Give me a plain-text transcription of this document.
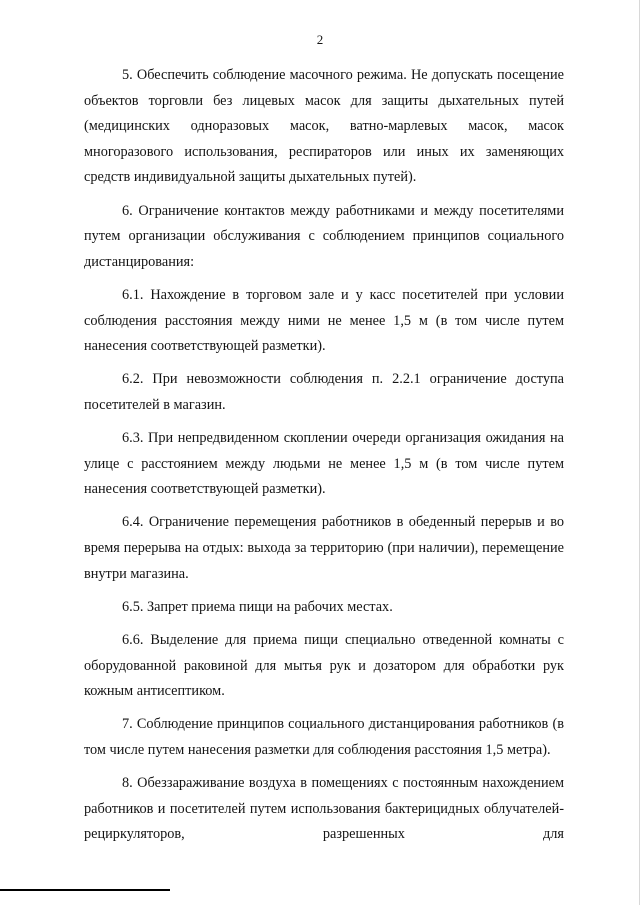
2

5. Обеспечить соблюдение масочного режима. Не допускать посещение объектов торговли без лицевых масок для защиты дыхательных путей (медицинских одноразовых масок, ватно-марлевых масок, масок многоразового использования, респираторов или иных их заменяющих средств индивидуальной защиты дыхательных путей).

6. Ограничение контактов между работниками и между посетителями путем организации обслуживания с соблюдением принципов социального дистанцирования:

6.1. Нахождение в торговом зале и у касс посетителей при условии соблюдения расстояния между ними не менее 1,5 м (в том числе путем нанесения соответствующей разметки).

6.2. При невозможности соблюдения п. 2.2.1 ограничение доступа посетителей в магазин.

6.3. При непредвиденном скоплении очереди организация ожидания на улице с расстоянием между людьми не менее 1,5 м (в том числе путем нанесения соответствующей разметки).

6.4. Ограничение перемещения работников в обеденный перерыв и во время перерыва на отдых: выхода за территорию (при наличии), перемещение внутри магазина.

6.5. Запрет приема пищи на рабочих местах.

6.6. Выделение для приема пищи специально отведенной комнаты с оборудованной раковиной для мытья рук и дозатором для обработки рук кожным антисептиком.

7. Соблюдение принципов социального дистанцирования работников (в том числе путем нанесения разметки для соблюдения расстояния 1,5 метра).

8. Обеззараживание воздуха в помещениях с постоянным нахождением работников и посетителей путем использования бактерицидных облучателей-рециркуляторов, разрешенных для
